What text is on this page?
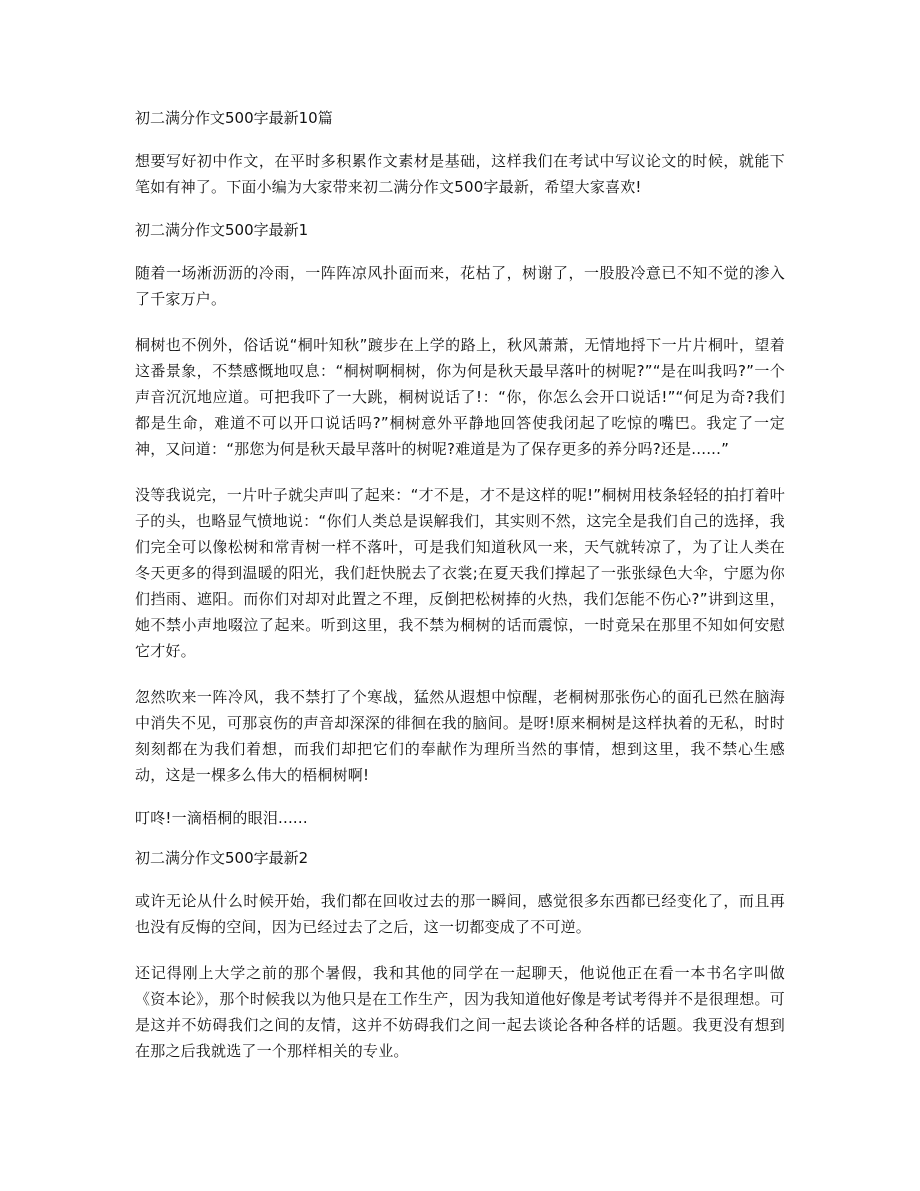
初二满分作文500字最新10篇
想要写好初中作文，在平时多积累作文素材是基础，这样我们在考试中写议论文的时候，就能下笔如有神了。下面小编为大家带来初二满分作文500字最新，希望大家喜欢!
初二满分作文500字最新1
随着一场淅沥沥的冷雨，一阵阵凉风扑面而来，花枯了，树谢了，一股股冷意已不知不觉的渗入了千家万户。
桐树也不例外，俗话说“桐叶知秋”踱步在上学的路上，秋风萧萧，无情地捋下一片片桐叶，望着这番景象，不禁感慨地叹息：“桐树啊桐树，你为何是秋天最早落叶的树呢?”“是在叫我吗?”一个声音沉沉地应道。可把我吓了一大跳，桐树说话了!：“你，你怎么会开口说话!”“何足为奇?我们都是生命，难道不可以开口说话吗?”桐树意外平静地回答使我闭起了吃惊的嘴巴。我定了一定神，又问道：“那您为何是秋天最早落叶的树呢?难道是为了保存更多的养分吗?还是......”
没等我说完，一片叶子就尖声叫了起来：“才不是，才不是这样的呢!”桐树用枝条轻轻的拍打着叶子的头，也略显气愤地说：“你们人类总是误解我们，其实则不然，这完全是我们自己的选择，我们完全可以像松树和常青树一样不落叶，可是我们知道秋风一来，天气就转凉了，为了让人类在冬天更多的得到温暖的阳光，我们赶快脱去了衣裳;在夏天我们撑起了一张张绿色大伞，宁愿为你们挡雨、遮阳。而你们对却对此置之不理，反倒把松树捧的火热，我们怎能不伤心?”讲到这里，她不禁小声地啜泣了起来。听到这里，我不禁为桐树的话而震惊，一时竟呆在那里不知如何安慰它才好。
忽然吹来一阵冷风，我不禁打了个寒战，猛然从遐想中惊醒，老桐树那张伤心的面孔已然在脑海中消失不见，可那哀伤的声音却深深的徘徊在我的脑间。是呀!原来桐树是这样执着的无私，时时刻刻都在为我们着想，而我们却把它们的奉献作为理所当然的事情，想到这里，我不禁心生感动，这是一棵多么伟大的梧桐树啊!
叮咚!一滴梧桐的眼泪......
初二满分作文500字最新2
或许无论从什么时候开始，我们都在回收过去的那一瞬间，感觉很多东西都已经变化了，而且再也没有反悔的空间，因为已经过去了之后，这一切都变成了不可逆。
还记得刚上大学之前的那个暑假，我和其他的同学在一起聊天，他说他正在看一本书名字叫做《资本论》，那个时候我以为他只是在工作生产，因为我知道他好像是考试考得并不是很理想。可是这并不妨碍我们之间的友情，这并不妨碍我们之间一起去谈论各种各样的话题。我更没有想到在那之后我就选了一个那样相关的专业。
